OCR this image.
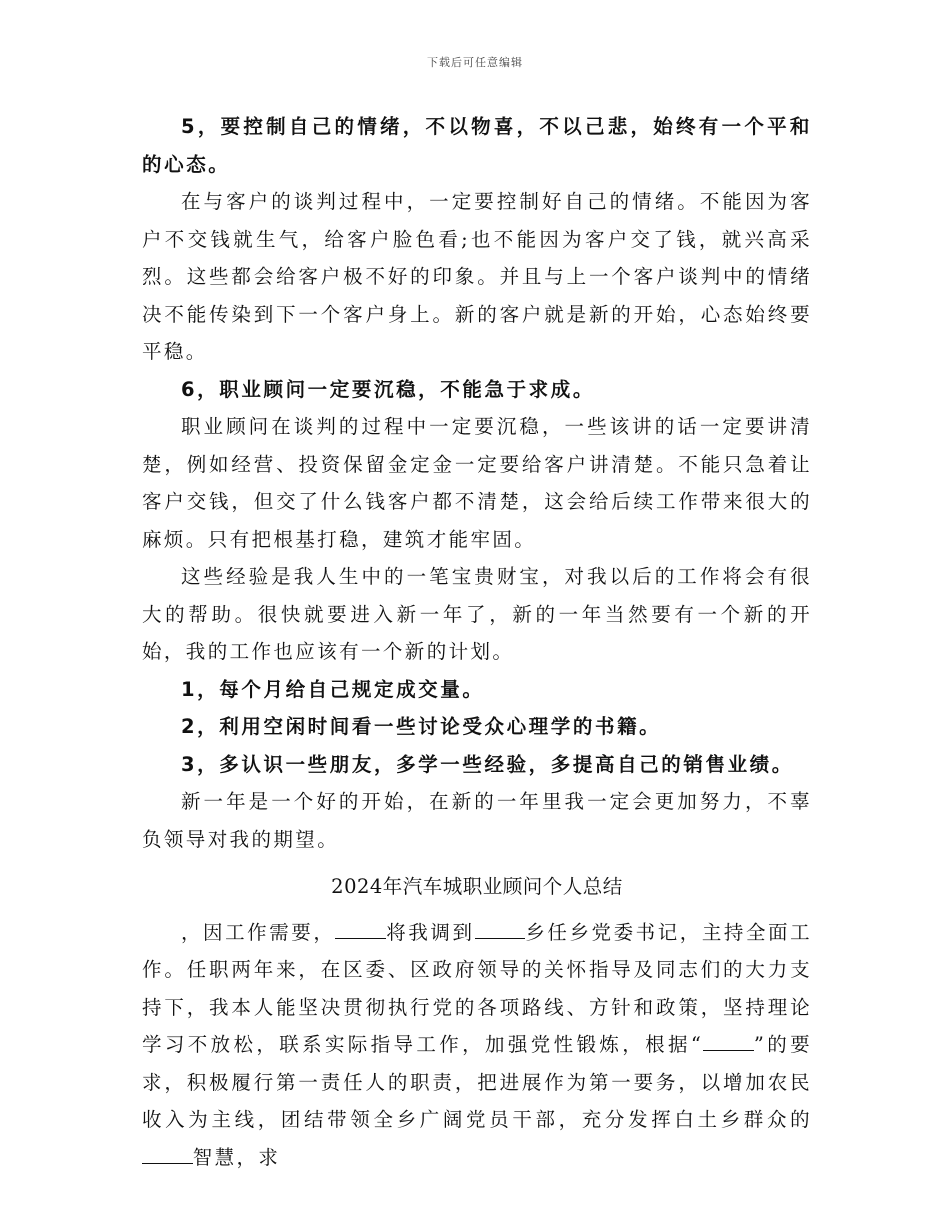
下载后可任意编辑

5，要控制自己的情绪，不以物喜，不以己悲，始终有一个平和的心态。

在与客户的谈判过程中，一定要控制好自己的情绪。不能因为客户不交钱就生气，给客户脸色看;也不能因为客户交了钱，就兴高采烈。这些都会给客户极不好的印象。并且与上一个客户谈判中的情绪决不能传染到下一个客户身上。新的客户就是新的开始，心态始终要平稳。

6，职业顾问一定要沉稳，不能急于求成。

职业顾问在谈判的过程中一定要沉稳，一些该讲的话一定要讲清楚，例如经营、投资保留金定金一定要给客户讲清楚。不能只急着让客户交钱，但交了什么钱客户都不清楚，这会给后续工作带来很大的麻烦。只有把根基打稳，建筑才能牢固。

这些经验是我人生中的一笔宝贵财宝，对我以后的工作将会有很大的帮助。很快就要进入新一年了，新的一年当然要有一个新的开始，我的工作也应该有一个新的计划。

1，每个月给自己规定成交量。

2，利用空闲时间看一些讨论受众心理学的书籍。

3，多认识一些朋友，多学一些经验，多提高自己的销售业绩。

新一年是一个好的开始，在新的一年里我一定会更加努力，不辜负领导对我的期望。

2024年汽车城职业顾问个人总结

，因工作需要，	将我调到	乡任乡党委书记，主持全面工作。任职两年来，在区委、区政府领导的关怀指导及同志们的大力支持下，我本人能坚决贯彻执行党的各项路线、方针和政策，坚持理论学习不放松，联系实际指导工作，加强党性锻炼，根据“	”的要求，积极履行第一责任人的职责，把进展作为第一要务，以增加农民收入为主线，团结带领全乡广阔党员干部，充分发挥白土乡群众的智慧，求
